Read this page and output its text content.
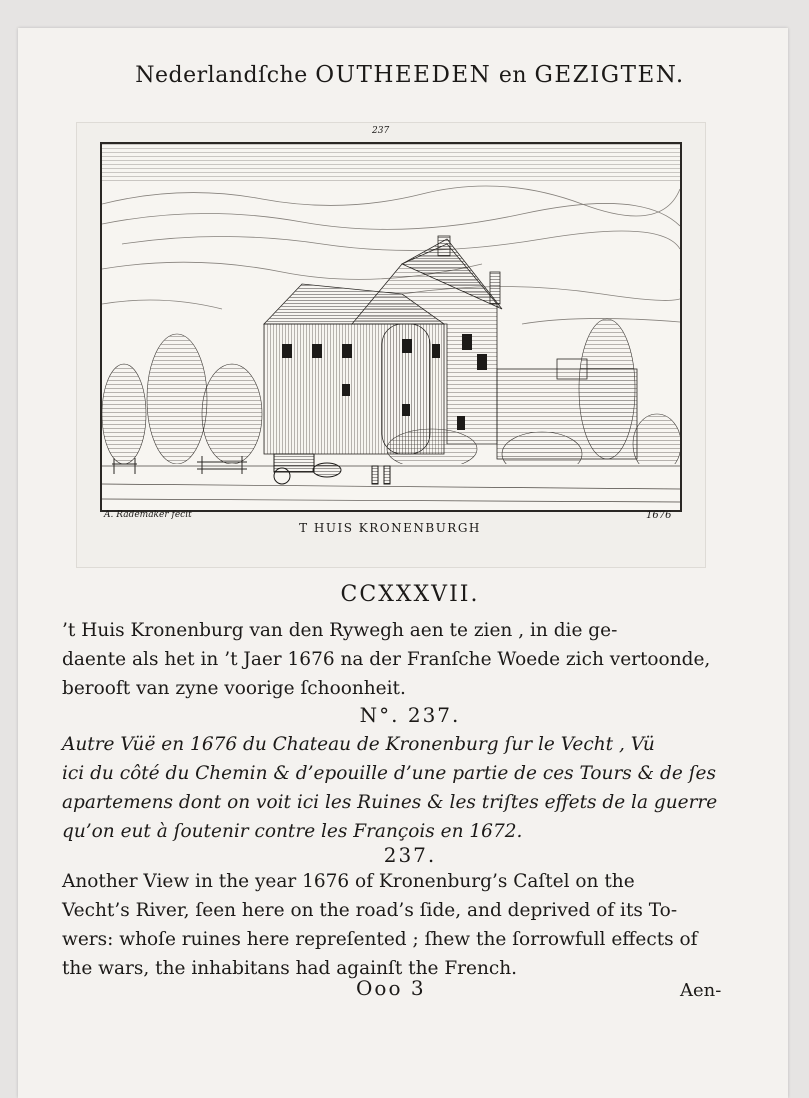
Nederlandſche OUTHEEDEN en GEZIGTEN.
237
A. Rademaker fecit	1676
T HUIS KRONENBURGH
CCXXXVII.
’t Huis Kronenburg van den Rywegh aen te zien , in die ge-
daente als het in ’t Jaer 1676 na der Franſche Woede zich vertoonde,
berooft van zyne voorige ſchoonheit.
N°. 237.
Autre Vüë en 1676 du Chateau de Kronenburg ſur le Vecht , Vü
ici du côté du Chemin & d’epouille d’une partie de ces Tours & de ſes
apartemens dont on voit ici les Ruines & les triſtes effets de la guerre
qu’on eut à ſoutenir contre les François en 1672.
237.
Another View in the year 1676 of Kronenburg’s Caſtel on the
Vecht’s River, ſeen here on the road’s ſide, and deprived of its To-
wers: whoſe ruines here repreſented ; ſhew the ſorrowfull effects of
the wars, the inhabitans had againſt the French.
Ooo 3	Aen-
